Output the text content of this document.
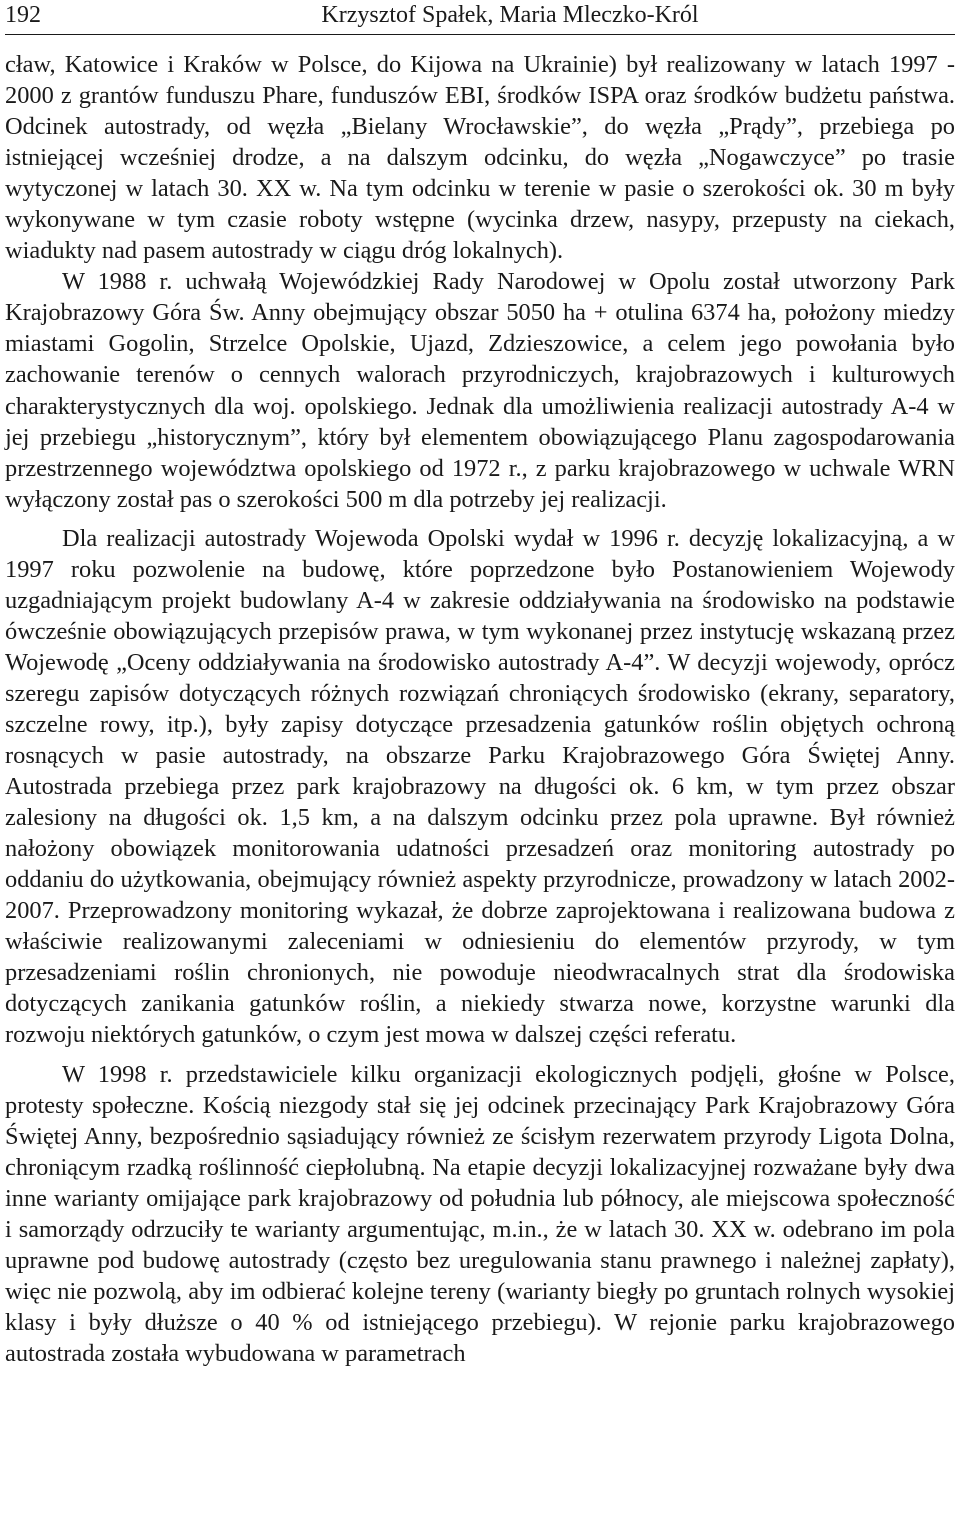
192	Krzysztof Spałek, Maria Mleczko-Król

cław, Katowice i Kraków w Polsce, do Kijowa na Ukrainie) był realizowany w latach 1997 - 2000 z grantów funduszu Phare, funduszów EBI, środków ISPA oraz środków budżetu państwa. Odcinek autostrady, od węzła „Bielany Wrocławskie”, do węzła „Prądy”, przebiega po istniejącej wcześniej drodze, a na dalszym odcinku, do węzła „Nogawczyce” po trasie wytyczonej w latach 30. XX w. Na tym odcinku w terenie w pasie o szerokości ok. 30 m były wykonywane w tym czasie roboty wstępne (wycinka drzew, nasypy, przepusty na ciekach, wiadukty nad pasem autostrady w ciągu dróg lokalnych).

W 1988 r. uchwałą Wojewódzkiej Rady Narodowej w Opolu został utworzony Park Krajobrazowy Góra Św. Anny obejmujący obszar 5050 ha + otulina 6374 ha, położony miedzy miastami Gogolin, Strzelce Opolskie, Ujazd, Zdzieszowice, a celem jego powołania było zachowanie terenów o cennych walorach przyrodniczych, krajobrazowych i kulturowych charakterystycznych dla woj. opolskiego. Jednak dla umożliwienia realizacji autostrady A-4 w jej przebiegu „historycznym”, który był elementem obowiązującego Planu zagospodarowania przestrzennego województwa opolskiego od 1972 r., z parku krajobrazowego w uchwale WRN wyłączony został pas o szerokości 500 m dla potrzeby jej realizacji.

Dla realizacji autostrady Wojewoda Opolski wydał w 1996 r. decyzję lokalizacyjną, a w 1997 roku pozwolenie na budowę, które poprzedzone było Postanowieniem Wojewody uzgadniającym projekt budowlany A-4 w zakresie oddziaływania na środowisko na podstawie ówcześnie obowiązujących przepisów prawa, w tym wykonanej przez instytucję wskazaną przez Wojewodę „Oceny oddziaływania na środowisko autostrady A-4”. W decyzji wojewody, oprócz szeregu zapisów dotyczących różnych rozwiązań chroniących środowisko (ekrany, separatory, szczelne rowy, itp.), były zapisy dotyczące przesadzenia gatunków roślin objętych ochroną rosnących w pasie autostrady, na obszarze Parku Krajobrazowego Góra Świętej Anny. Autostrada przebiega przez park krajobrazowy na długości ok. 6 km, w tym przez obszar zalesiony na długości ok. 1,5 km, a na dalszym odcinku przez pola uprawne. Był również nałożony obowiązek monitorowania udatności przesadzeń oraz monitoring autostrady po oddaniu do użytkowania, obejmujący również aspekty przyrodnicze, prowadzony w latach 2002-2007. Przeprowadzony monitoring wykazał, że dobrze zaprojektowana i realizowana budowa z właściwie realizowanymi zaleceniami w odniesieniu do elementów przyrody, w tym przesadzeniami roślin chronionych, nie powoduje nieodwracalnych strat dla środowiska dotyczących zanikania gatunków roślin, a niekiedy stwarza nowe, korzystne warunki dla rozwoju niektórych gatunków, o czym jest mowa w dalszej części referatu.

W 1998 r. przedstawiciele kilku organizacji ekologicznych podjęli, głośne w Polsce, protesty społeczne. Kością niezgody stał się jej odcinek przecinający Park Krajobrazowy Góra Świętej Anny, bezpośrednio sąsiadujący również ze ścisłym rezerwatem przyrody Ligota Dolna, chroniącym rzadką roślinność ciepłolubną. Na etapie decyzji lokalizacyjnej rozważane były dwa inne warianty omijające park krajobrazowy od południa lub północy, ale miejscowa społeczność i samorządy odrzuciły te warianty argumentując, m.in., że w latach 30. XX w. odebrano im pola uprawne pod budowę autostrady (często bez uregulowania stanu prawnego i należnej zapłaty), więc nie pozwolą, aby im odbierać kolejne tereny (warianty biegły po gruntach rolnych wysokiej klasy i były dłuższe o 40 % od istniejącego przebiegu). W rejonie parku krajobrazowego autostrada została wybudowana w parametrach
